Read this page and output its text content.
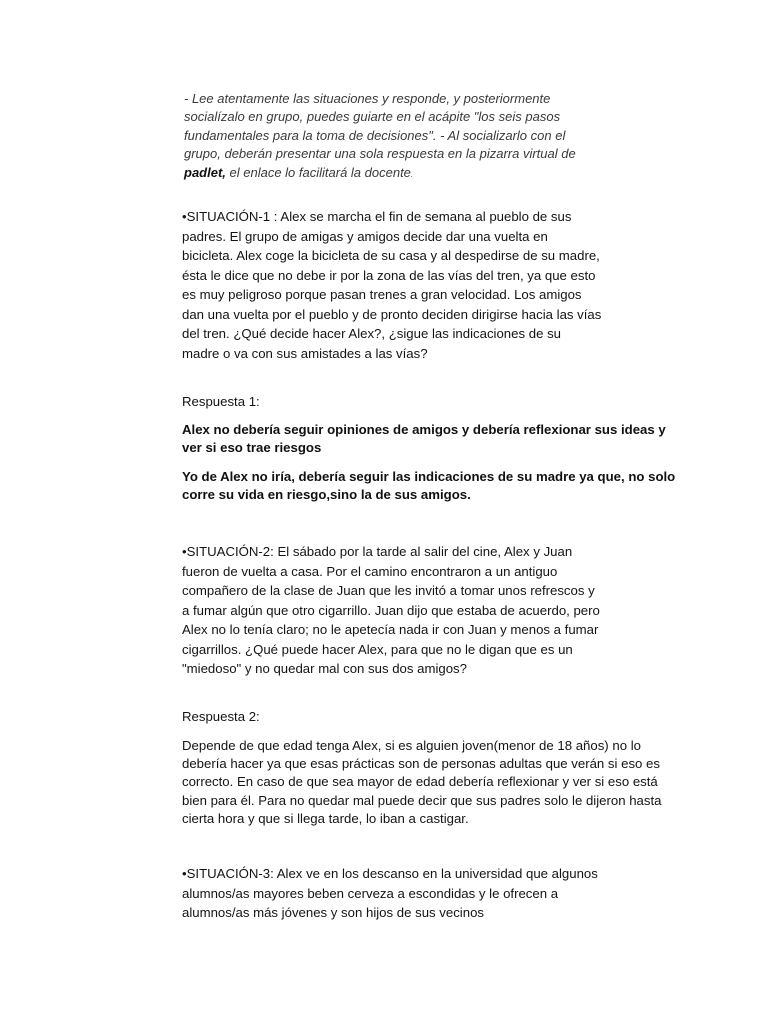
- Lee atentamente las situaciones y responde, y posteriormente socialízalo en grupo, puedes guiarte en el acápite "los seis pasos fundamentales para la toma de decisiones". - Al socializarlo con el grupo, deberán presentar una sola respuesta en la pizarra virtual de padlet, el enlace lo facilitará la docente.

•SITUACIÓN-1 : Alex se marcha el fin de semana al pueblo de sus padres. El grupo de amigas y amigos decide dar una vuelta en bicicleta. Alex coge la bicicleta de su casa y al despedirse de su madre, ésta le dice que no debe ir por la zona de las vías del tren, ya que esto es muy peligroso porque pasan trenes a gran velocidad. Los amigos dan una vuelta por el pueblo y de pronto deciden dirigirse hacia las vías del tren. ¿Qué decide hacer Alex?, ¿sigue las indicaciones de su madre o va con sus amistades a las vías?

Respuesta 1:

Alex no debería seguir opiniones de amigos y debería reflexionar sus ideas y ver si eso trae riesgos

Yo de Alex no iría, debería seguir las indicaciones de su madre ya que, no solo corre su vida en riesgo,sino la de sus amigos.

•SITUACIÓN-2: El sábado por la tarde al salir del cine, Alex y Juan fueron de vuelta a casa. Por el camino encontraron a un antiguo compañero de la clase de Juan que les invitó a tomar unos refrescos y a fumar algún que otro cigarrillo. Juan dijo que estaba de acuerdo, pero Alex no lo tenía claro; no le apetecía nada ir con Juan y menos a fumar cigarrillos. ¿Qué puede hacer Alex, para que no le digan que es un "miedoso" y no quedar mal con sus dos amigos?

Respuesta 2:

Depende de que edad tenga Alex, si es alguien joven(menor de 18 años) no lo debería hacer ya que esas prácticas son de personas adultas que verán si eso es correcto. En caso de que sea mayor de edad debería reflexionar y ver si eso está bien para él. Para no quedar mal puede decir que sus padres solo le dijeron hasta cierta hora y que si llega tarde, lo iban a castigar.

•SITUACIÓN-3: Alex ve en los descanso en la universidad que algunos alumnos/as mayores beben cerveza a escondidas y le ofrecen a alumnos/as más jóvenes y son hijos de sus vecinos
